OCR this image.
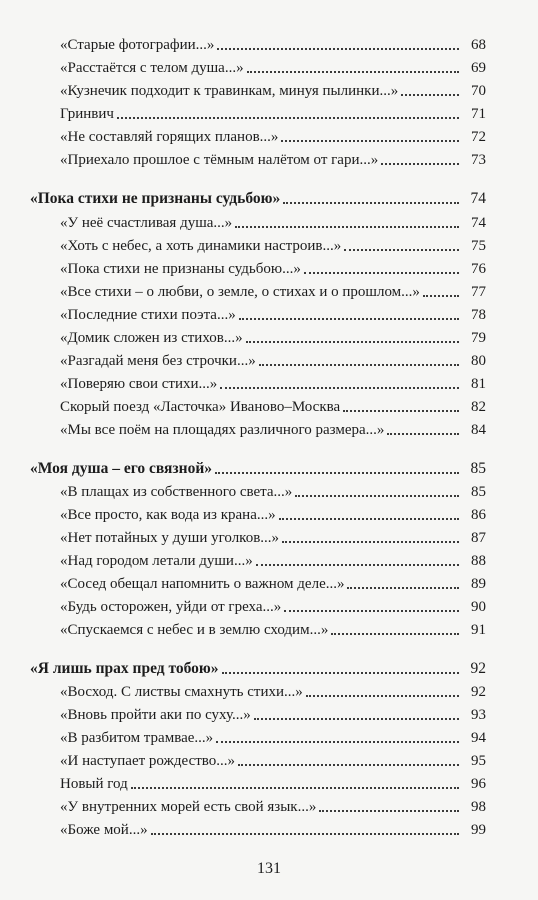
«Старые фотографии...»	68
«Расстаётся с телом душа...»	69
«Кузнечик подходит к травинкам, минуя пылинки...»	70
Гринвич	71
«Не составляй горящих планов...»	72
«Приехало прошлое с тёмным налётом от гари...»	73
«Пока стихи не признаны судьбою»	74
«У неё счастливая душа...»	74
«Хоть с небес, а хоть динамики настроив...»	75
«Пока стихи не признаны судьбою...»	76
«Все стихи – о любви, о земле, о стихах и о прошлом...»	77
«Последние стихи поэта...»	78
«Домик сложен из стихов...»	79
«Разгадай меня без строчки...»	80
«Поверяю свои стихи...»	81
Скорый поезд «Ласточка» Иваново–Москва	82
«Мы все поём на площадях различного размера...»	84
«Моя душа – его связной»	85
«В плащах из собственного света...»	85
«Все просто, как вода из крана...»	86
«Нет потайных у души уголков...»	87
«Над городом летали души...»	88
«Сосед обещал напомнить о важном деле...»	89
«Будь осторожен, уйди от греха...»	90
«Спускаемся с небес и в землю сходим...»	91
«Я лишь прах пред тобою»	92
«Восход. С листвы смахнуть стихи...»	92
«Вновь пройти аки по суху...»	93
«В разбитом трамвае...»	94
«И наступает рождество...»	95
Новый год	96
«У внутренних морей есть свой язык...»	98
«Боже мой...»	99
131
